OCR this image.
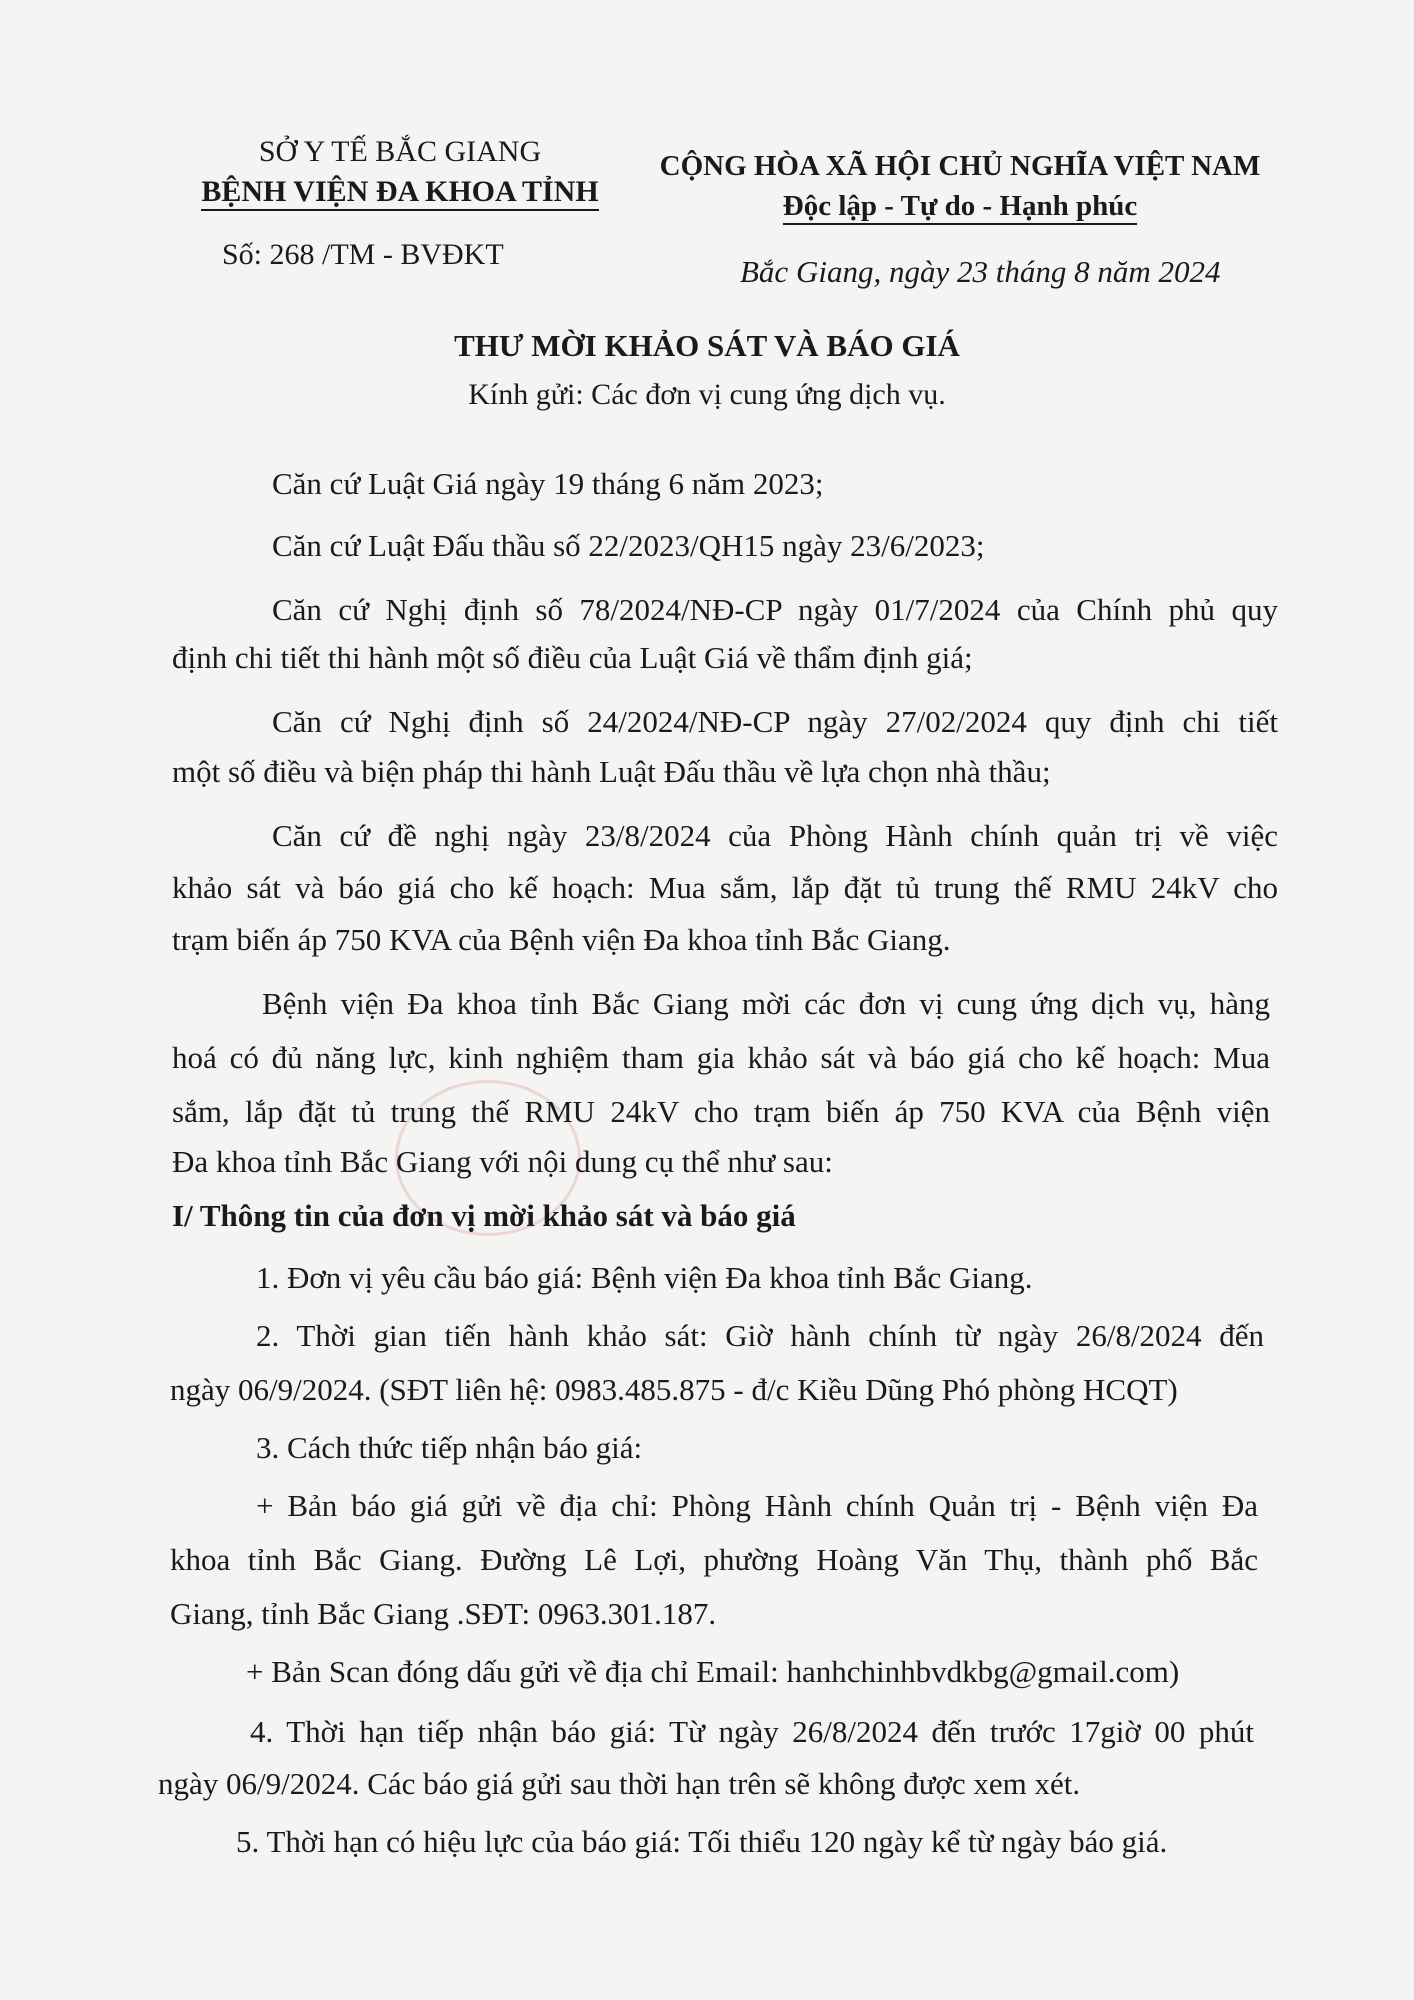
SỞ Y TẾ BẮC GIANG
BỆNH VIỆN ĐA KHOA TỈNH
CỘNG HÒA XÃ HỘI CHỦ NGHĨA VIỆT NAM
Độc lập - Tự do - Hạnh phúc
Số: 268 /TM - BVĐKT	Bắc Giang, ngày 23 tháng 8 năm 2024
THƯ MỜI KHẢO SÁT VÀ BÁO GIÁ
Kính gửi: Các đơn vị cung ứng dịch vụ.
Căn cứ Luật Giá ngày 19 tháng 6 năm 2023;
Căn cứ Luật Đấu thầu số 22/2023/QH15 ngày 23/6/2023;
Căn cứ Nghị định số 78/2024/NĐ-CP ngày 01/7/2024 của Chính phủ quy
định chi tiết thi hành một số điều của Luật Giá về thẩm định giá;
Căn cứ Nghị định số 24/2024/NĐ-CP ngày 27/02/2024 quy định chi tiết
một số điều và biện pháp thi hành Luật Đấu thầu về lựa chọn nhà thầu;
Căn cứ đề nghị ngày 23/8/2024 của Phòng Hành chính quản trị về việc
khảo sát và báo giá cho kế hoạch: Mua sắm, lắp đặt tủ trung thế RMU 24kV cho
trạm biến áp 750 KVA của Bệnh viện Đa khoa tỉnh Bắc Giang.
Bệnh viện Đa khoa tỉnh Bắc Giang mời các đơn vị cung ứng dịch vụ, hàng
hoá có đủ năng lực, kinh nghiệm tham gia khảo sát và báo giá cho kế hoạch: Mua
sắm, lắp đặt tủ trung thế RMU 24kV cho trạm biến áp 750 KVA của Bệnh viện
Đa khoa tỉnh Bắc Giang với nội dung cụ thể như sau:
I/ Thông tin của đơn vị mời khảo sát và báo giá
1. Đơn vị yêu cầu báo giá: Bệnh viện Đa khoa tỉnh Bắc Giang.
2. Thời gian tiến hành khảo sát: Giờ hành chính từ ngày 26/8/2024 đến
ngày 06/9/2024. (SĐT liên hệ: 0983.485.875 - đ/c Kiều Dũng Phó phòng HCQT)
3. Cách thức tiếp nhận báo giá:
+ Bản báo giá gửi về địa chỉ: Phòng Hành chính Quản trị - Bệnh viện Đa
khoa tỉnh Bắc Giang. Đường Lê Lợi, phường Hoàng Văn Thụ, thành phố Bắc
Giang, tỉnh Bắc Giang .SĐT: 0963.301.187.
+ Bản Scan đóng dấu gửi về địa chỉ Email: hanhchinhbvdkbg@gmail.com)
4. Thời hạn tiếp nhận báo giá: Từ ngày 26/8/2024 đến trước 17giờ 00 phút
ngày 06/9/2024. Các báo giá gửi sau thời hạn trên sẽ không được xem xét.
5. Thời hạn có hiệu lực của báo giá: Tối thiểu 120 ngày kể từ ngày báo giá.
